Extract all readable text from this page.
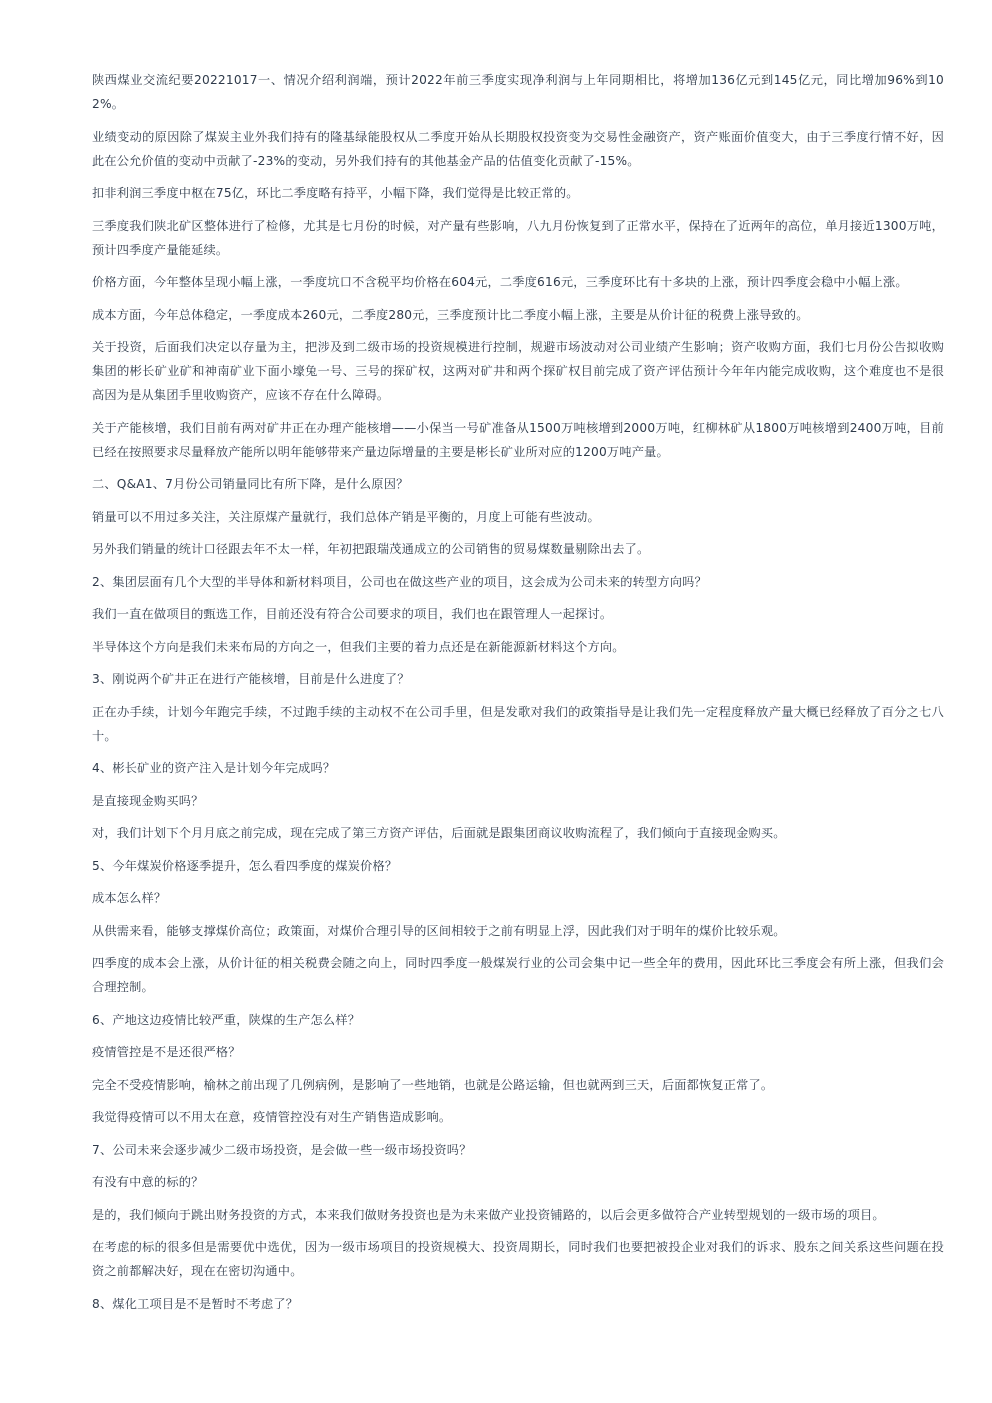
陕西煤业交流纪要20221017一、情况介绍利润端，预计2022年前三季度实现净利润与上年同期相比，将增加136亿元到145亿元，同比增加96%到102%。

业绩变动的原因除了煤炭主业外我们持有的隆基绿能股权从二季度开始从长期股权投资变为交易性金融资产，资产账面价值变大，由于三季度行情不好，因此在公允价值的变动中贡献了-23%的变动，另外我们持有的其他基金产品的估值变化贡献了-15%。

扣非利润三季度中枢在75亿，环比二季度略有持平，小幅下降，我们觉得是比较正常的。

三季度我们陕北矿区整体进行了检修，尤其是七月份的时候，对产量有些影响，八九月份恢复到了正常水平，保持在了近两年的高位，单月接近1300万吨，预计四季度产量能延续。

价格方面，今年整体呈现小幅上涨，一季度坑口不含税平均价格在604元，二季度616元，三季度环比有十多块的上涨，预计四季度会稳中小幅上涨。

成本方面，今年总体稳定，一季度成本260元，二季度280元，三季度预计比二季度小幅上涨，主要是从价计征的税费上涨导致的。

关于投资，后面我们决定以存量为主，把涉及到二级市场的投资规模进行控制，规避市场波动对公司业绩产生影响；资产收购方面，我们七月份公告拟收购集团的彬长矿业矿和神南矿业下面小壕兔一号、三号的探矿权，这两对矿井和两个探矿权目前完成了资产评估预计今年年内能完成收购，这个难度也不是很高因为是从集团手里收购资产，应该不存在什么障碍。

关于产能核增，我们目前有两对矿井正在办理产能核增——小保当一号矿准备从1500万吨核增到2000万吨，红柳林矿从1800万吨核增到2400万吨，目前已经在按照要求尽量释放产能所以明年能够带来产量边际增量的主要是彬长矿业所对应的1200万吨产量。

二、Q&A1、7月份公司销量同比有所下降，是什么原因？

销量可以不用过多关注，关注原煤产量就行，我们总体产销是平衡的，月度上可能有些波动。

另外我们销量的统计口径跟去年不太一样，年初把跟瑞茂通成立的公司销售的贸易煤数量剔除出去了。

2、集团层面有几个大型的半导体和新材料项目，公司也在做这些产业的项目，这会成为公司未来的转型方向吗？

我们一直在做项目的甄选工作，目前还没有符合公司要求的项目，我们也在跟管理人一起探讨。

半导体这个方向是我们未来布局的方向之一，但我们主要的着力点还是在新能源新材料这个方向。

3、刚说两个矿井正在进行产能核增，目前是什么进度了？

正在办手续，计划今年跑完手续，不过跑手续的主动权不在公司手里，但是发歌对我们的政策指导是让我们先一定程度释放产量大概已经释放了百分之七八十。

4、彬长矿业的资产注入是计划今年完成吗？

是直接现金购买吗？

对，我们计划下个月月底之前完成，现在完成了第三方资产评估，后面就是跟集团商议收购流程了，我们倾向于直接现金购买。

5、今年煤炭价格逐季提升，怎么看四季度的煤炭价格？

成本怎么样？

从供需来看，能够支撑煤价高位；政策面，对煤价合理引导的区间相较于之前有明显上浮，因此我们对于明年的煤价比较乐观。

四季度的成本会上涨，从价计征的相关税费会随之向上，同时四季度一般煤炭行业的公司会集中记一些全年的费用，因此环比三季度会有所上涨，但我们会合理控制。

6、产地这边疫情比较严重，陕煤的生产怎么样？

疫情管控是不是还很严格？

完全不受疫情影响，榆林之前出现了几例病例，是影响了一些地销，也就是公路运输，但也就两到三天，后面都恢复正常了。

我觉得疫情可以不用太在意，疫情管控没有对生产销售造成影响。

7、公司未来会逐步减少二级市场投资，是会做一些一级市场投资吗？

有没有中意的标的？

是的，我们倾向于跳出财务投资的方式，本来我们做财务投资也是为未来做产业投资铺路的，以后会更多做符合产业转型规划的一级市场的项目。

在考虑的标的很多但是需要优中选优，因为一级市场项目的投资规模大、投资周期长，同时我们也要把被投企业对我们的诉求、股东之间关系这些问题在投资之前都解决好，现在在密切沟通中。

8、煤化工项目是不是暂时不考虑了？
